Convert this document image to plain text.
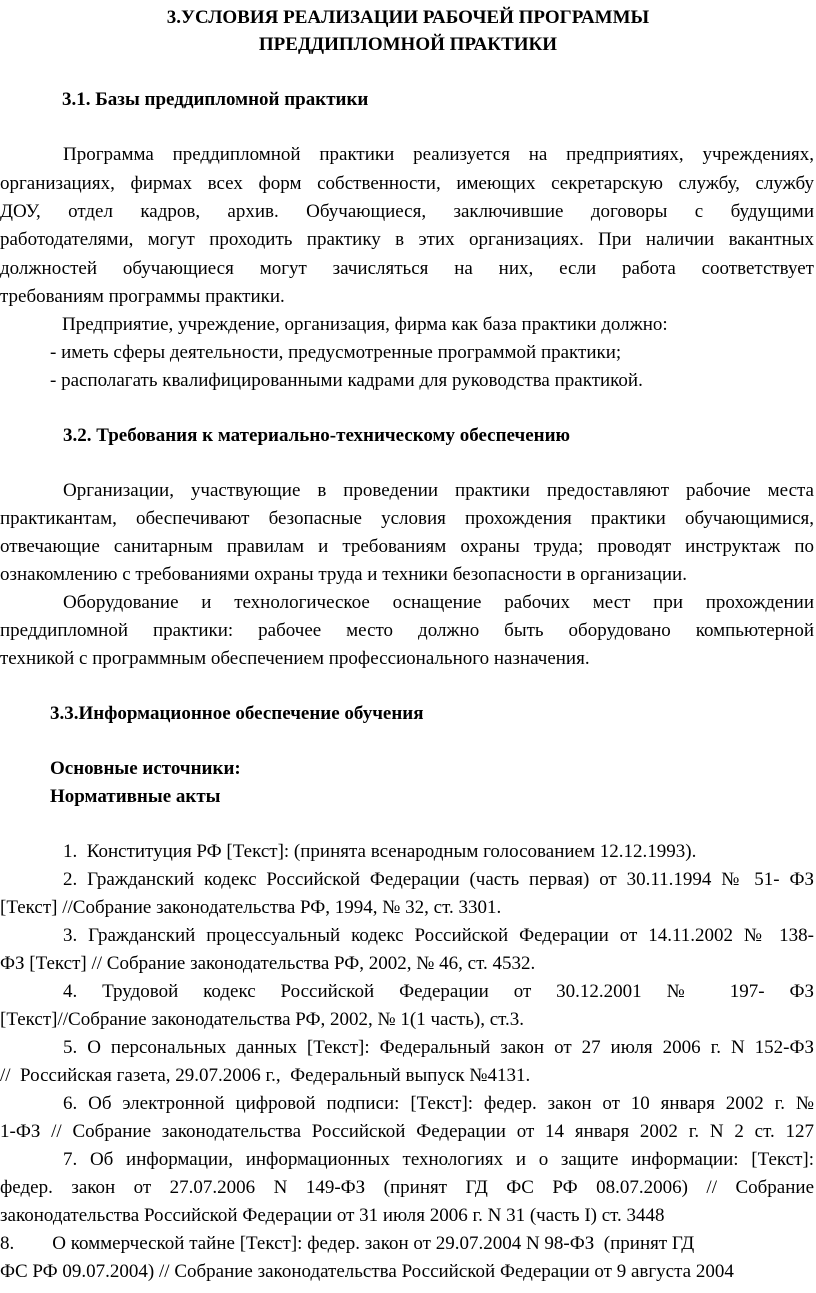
3.УСЛОВИЯ РЕАЛИЗАЦИИ РАБОЧЕЙ ПРОГРАММЫ
ПРЕДДИПЛОМНОЙ ПРАКТИКИ
3.1. Базы преддипломной практики
Программа преддипломной практики реализуется на предприятиях, учреждениях,
организациях, фирмах всех форм собственности, имеющих секретарскую службу, службу
ДОУ, отдел кадров, архив. Обучающиеся, заключившие договоры с будущими
работодателями, могут проходить практику в этих организациях. При наличии вакантных
должностей обучающиеся могут зачисляться на них, если работа соответствует
требованиям программы практики.
Предприятие, учреждение, организация, фирма как база практики должно:
- иметь сферы деятельности, предусмотренные программой практики;
- располагать квалифицированными кадрами для руководства практикой.
3.2. Требования к материально-техническому обеспечению
Организации, участвующие в проведении практики предоставляют рабочие места
практикантам, обеспечивают безопасные условия прохождения практики обучающимися,
отвечающие санитарным правилам и требованиям охраны труда; проводят инструктаж по
ознакомлению с требованиями охраны труда и техники безопасности в организации.
Оборудование и технологическое оснащение рабочих мест при прохождении
преддипломной практики: рабочее место должно быть оборудовано компьютерной
техникой с программным обеспечением профессионального назначения.
3.3.Информационное обеспечение обучения
Основные источники:
Нормативные акты
1.  Конституция РФ [Текст]: (принята всенародным голосованием 12.12.1993).
2. Гражданский кодекс Российской Федерации (часть первая) от 30.11.1994 № 51- ФЗ
[Текст] //Собрание законодательства РФ, 1994, № 32, ст. 3301.
3. Гражданский процессуальный кодекс Российской Федерации от 14.11.2002 № 138-
ФЗ [Текст] // Собрание законодательства РФ, 2002, № 46, ст. 4532.
4. Трудовой кодекс Российской Федерации от 30.12.2001 № 197- ФЗ
[Текст]//Собрание законодательства РФ, 2002, № 1(1 часть), ст.3.
5. О персональных данных [Текст]: Федеральный закон от 27 июля 2006 г. N 152-ФЗ
//  Российская газета, 29.07.2006 г.,  Федеральный выпуск №4131.
6. Об электронной цифровой подписи: [Текст]: федер. закон от 10 января 2002 г. №
1-ФЗ // Собрание законодательства Российской Федерации от 14 января 2002 г. N 2 ст. 127
7. Об информации, информационных технологиях и о защите информации: [Текст]:
федер. закон от 27.07.2006 N 149-ФЗ (принят ГД ФС РФ 08.07.2006) // Собрание
законодательства Российской Федерации от 31 июля 2006 г. N 31 (часть I) ст. 3448
8.        О коммерческой тайне [Текст]: федер. закон от 29.07.2004 N 98-ФЗ  (принят ГД
ФС РФ 09.07.2004) // Собрание законодательства Российской Федерации от 9 августа 2004
